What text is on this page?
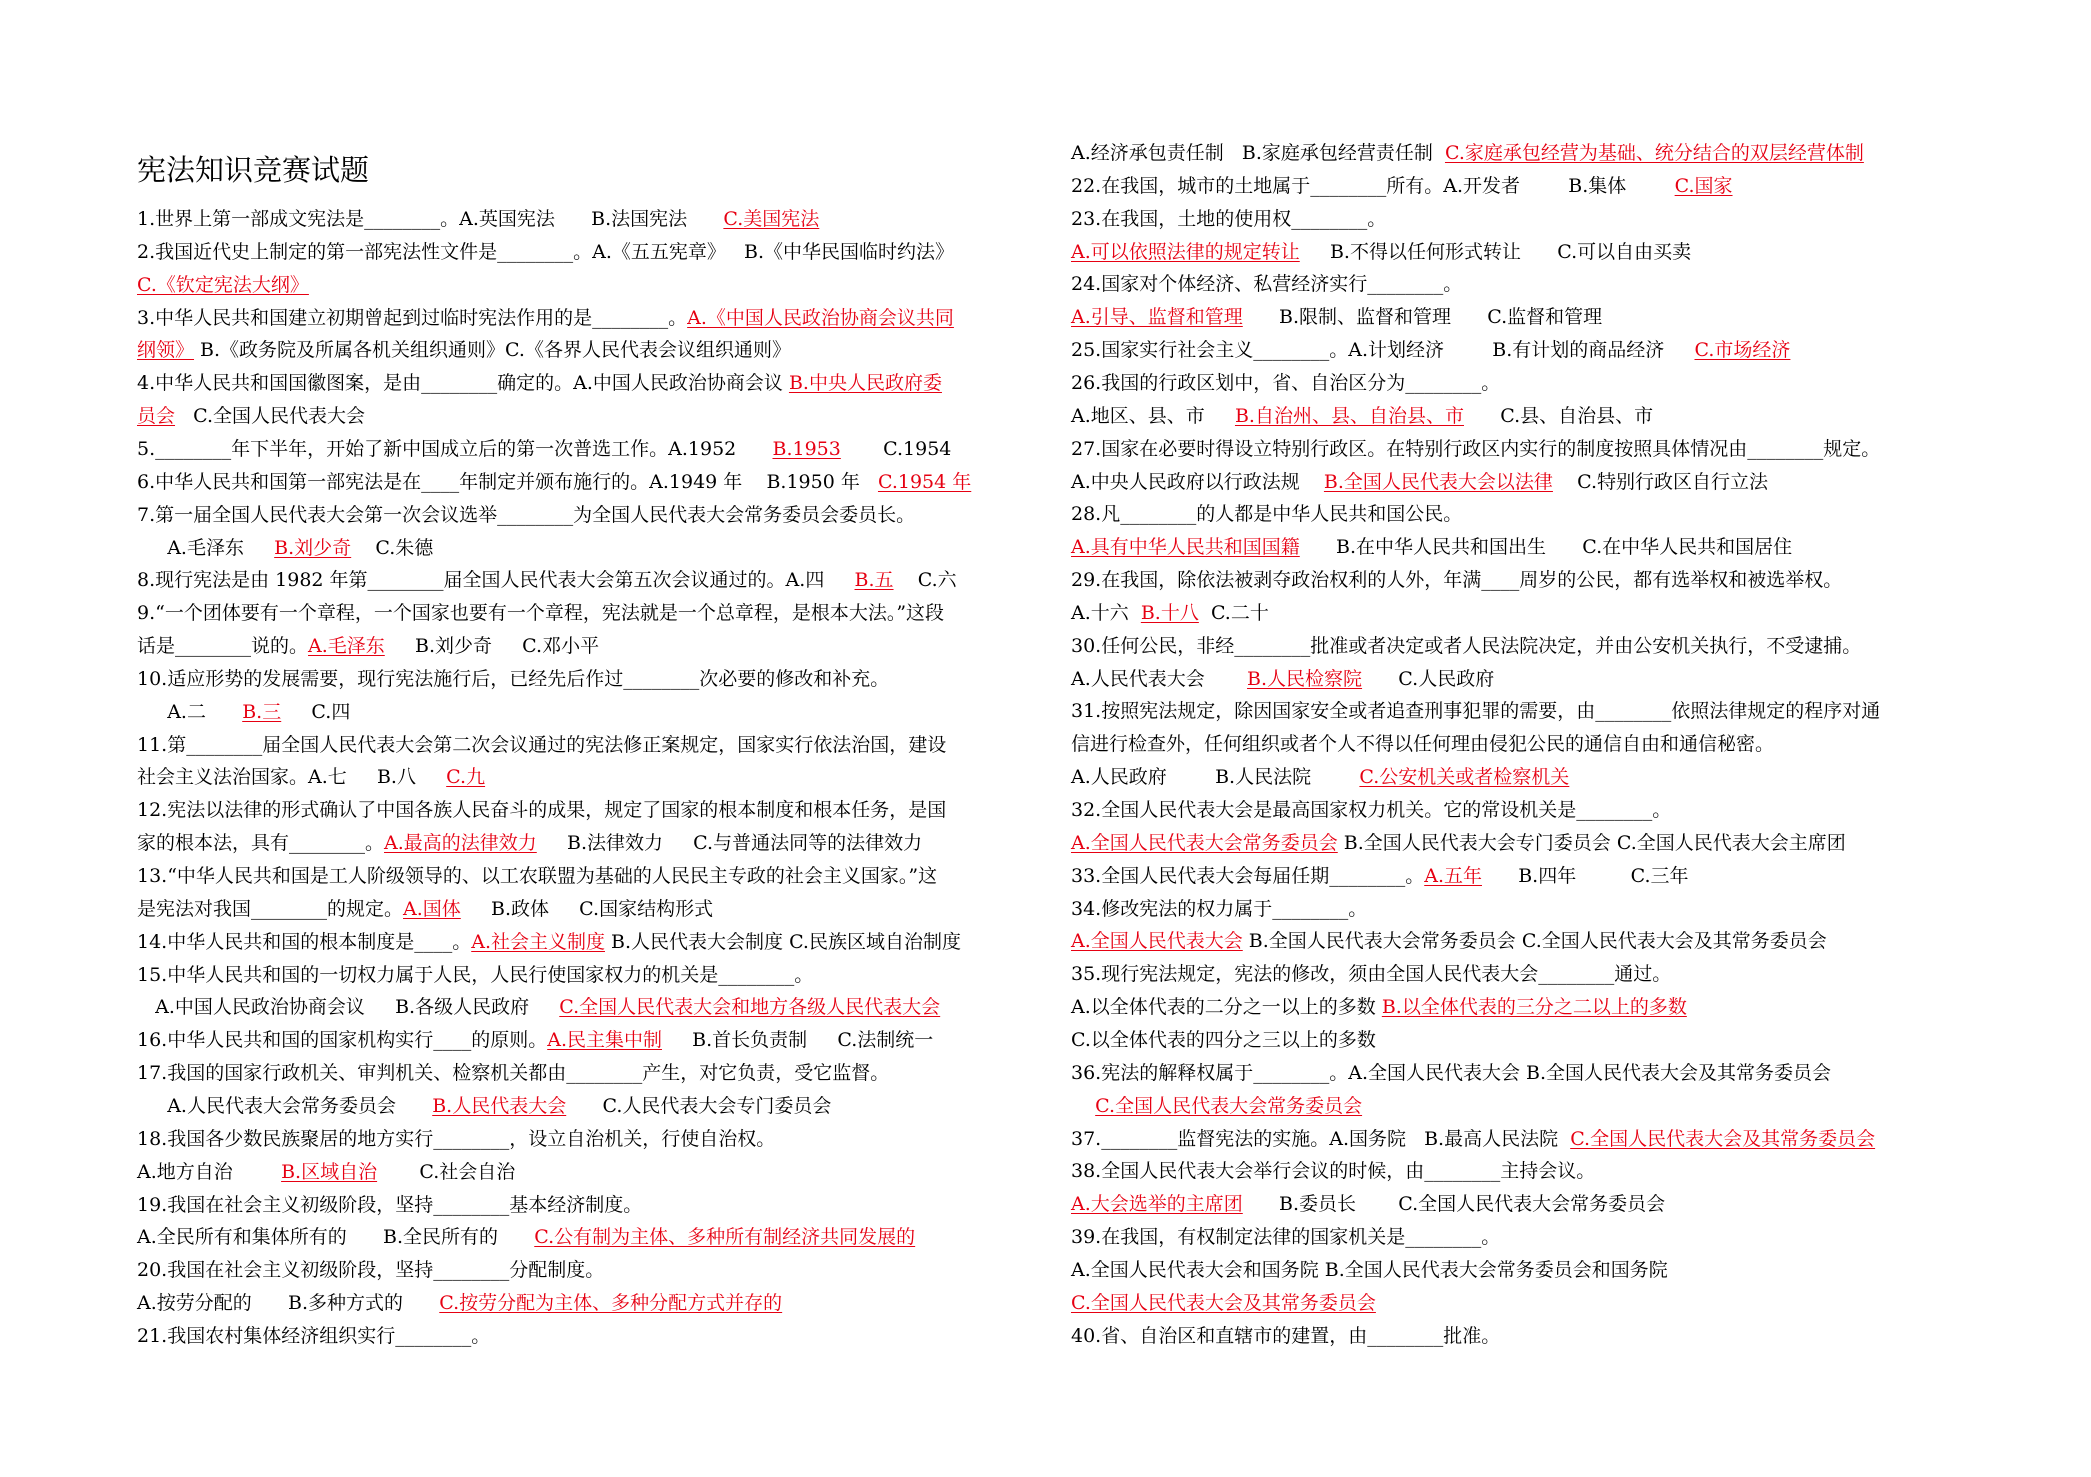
宪法知识竞赛试题
1.世界上第一部成文宪法是________。A.英国宪法      B.法国宪法      C.美国宪法
2.我国近代史上制定的第一部宪法性文件是________。A.《五五宪章》   B.《中华民国临时约法》
C.《钦定宪法大纲》
3.中华人民共和国建立初期曾起到过临时宪法作用的是________。A.《中国人民政治协商会议共同
纲领》 B.《政务院及所属各机关组织通则》C.《各界人民代表会议组织通则》
4.中华人民共和国国徽图案，是由________确定的。A.中国人民政治协商会议 B.中央人民政府委
员会   C.全国人民代表大会
5.________年下半年，开始了新中国成立后的第一次普选工作。A.1952      B.1953       C.1954
6.中华人民共和国第一部宪法是在____年制定并颁布施行的。A.1949 年    B.1950 年   C.1954 年
7.第一届全国人民代表大会第一次会议选举________为全国人民代表大会常务委员会委员长。
A.毛泽东     B.刘少奇    C.朱德
8.现行宪法是由 1982 年第________届全国人民代表大会第五次会议通过的。A.四     B.五    C.六
9.“一个团体要有一个章程，一个国家也要有一个章程，宪法就是一个总章程，是根本大法。”这段
话是________说的。A.毛泽东     B.刘少奇     C.邓小平
10.适应形势的发展需要，现行宪法施行后，已经先后作过________次必要的修改和补充。
A.二      B.三     C.四
11.第________届全国人民代表大会第二次会议通过的宪法修正案规定，国家实行依法治国，建设
社会主义法治国家。A.七     B.八     C.九
12.宪法以法律的形式确认了中国各族人民奋斗的成果，规定了国家的根本制度和根本任务，是国
家的根本法，具有________。A.最高的法律效力     B.法律效力     C.与普通法同等的法律效力
13.“中华人民共和国是工人阶级领导的、以工农联盟为基础的人民民主专政的社会主义国家。”这
是宪法对我国________的规定。A.国体     B.政体     C.国家结构形式
14.中华人民共和国的根本制度是____。A.社会主义制度 B.人民代表大会制度 C.民族区域自治制度
15.中华人民共和国的一切权力属于人民，人民行使国家权力的机关是________。
A.中国人民政治协商会议     B.各级人民政府     C.全国人民代表大会和地方各级人民代表大会
16.中华人民共和国的国家机构实行____的原则。A.民主集中制     B.首长负责制     C.法制统一
17.我国的国家行政机关、审判机关、检察机关都由________产生，对它负责，受它监督。
A.人民代表大会常务委员会      B.人民代表大会      C.人民代表大会专门委员会
18.我国各少数民族聚居的地方实行________，设立自治机关，行使自治权。
A.地方自治        B.区域自治       C.社会自治
19.我国在社会主义初级阶段，坚持________基本经济制度。
A.全民所有和集体所有的      B.全民所有的      C.公有制为主体、多种所有制经济共同发展的
20.我国在社会主义初级阶段，坚持________分配制度。
A.按劳分配的      B.多种方式的      C.按劳分配为主体、多种分配方式并存的
21.我国农村集体经济组织实行________。
A.经济承包责任制   B.家庭承包经营责任制  C.家庭承包经营为基础、统分结合的双层经营体制
22.在我国，城市的土地属于________所有。A.开发者        B.集体        C.国家
23.在我国，土地的使用权________。
A.可以依照法律的规定转让     B.不得以任何形式转让      C.可以自由买卖
24.国家对个体经济、私营经济实行________。
A.引导、监督和管理      B.限制、监督和管理      C.监督和管理
25.国家实行社会主义________。A.计划经济        B.有计划的商品经济     C.市场经济
26.我国的行政区划中，省、自治区分为________。
A.地区、县、市     B.自治州、县、自治县、市      C.县、自治县、市
27.国家在必要时得设立特别行政区。在特别行政区内实行的制度按照具体情况由________规定。
A.中央人民政府以行政法规    B.全国人民代表大会以法律    C.特别行政区自行立法
28.凡________的人都是中华人民共和国公民。
A.具有中华人民共和国国籍      B.在中华人民共和国出生      C.在中华人民共和国居住
29.在我国，除依法被剥夺政治权利的人外，年满____周岁的公民，都有选举权和被选举权。
A.十六  B.十八  C.二十
30.任何公民，非经________批准或者决定或者人民法院决定，并由公安机关执行，不受逮捕。
A.人民代表大会       B.人民检察院      C.人民政府
31.按照宪法规定，除因国家安全或者追查刑事犯罪的需要，由________依照法律规定的程序对通
信进行检查外，任何组织或者个人不得以任何理由侵犯公民的通信自由和通信秘密。
A.人民政府        B.人民法院        C.公安机关或者检察机关
32.全国人民代表大会是最高国家权力机关。它的常设机关是________。
A.全国人民代表大会常务委员会 B.全国人民代表大会专门委员会 C.全国人民代表大会主席团
33.全国人民代表大会每届任期________。A.五年      B.四年         C.三年
34.修改宪法的权力属于________。
A.全国人民代表大会 B.全国人民代表大会常务委员会 C.全国人民代表大会及其常务委员会
35.现行宪法规定，宪法的修改，须由全国人民代表大会________通过。
A.以全体代表的二分之一以上的多数 B.以全体代表的三分之二以上的多数
C.以全体代表的四分之三以上的多数
36.宪法的解释权属于________。A.全国人民代表大会 B.全国人民代表大会及其常务委员会
C.全国人民代表大会常务委员会
37.________监督宪法的实施。A.国务院   B.最高人民法院  C.全国人民代表大会及其常务委员会
38.全国人民代表大会举行会议的时候，由________主持会议。
A.大会选举的主席团      B.委员长       C.全国人民代表大会常务委员会
39.在我国，有权制定法律的国家机关是________。
A.全国人民代表大会和国务院 B.全国人民代表大会常务委员会和国务院
C.全国人民代表大会及其常务委员会
40.省、自治区和直辖市的建置，由________批准。
